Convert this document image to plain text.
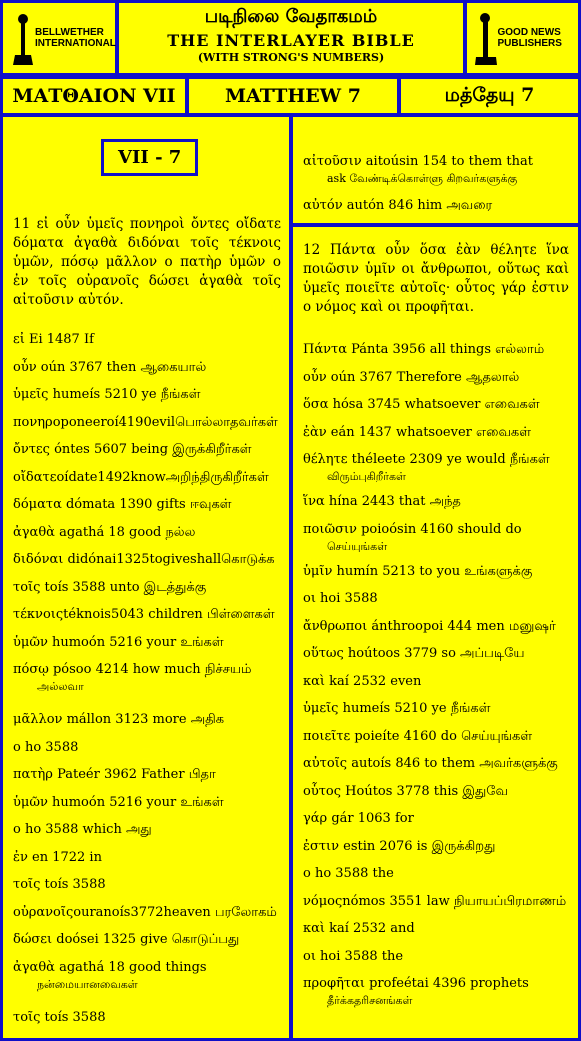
BELLWETHER INTERNATIONAL
படிநிலை வேதாகமம்
THE INTERLAYER BIBLE
(WITH STRONG'S NUMBERS)
GOOD NEWS PUBLISHERS
ΜΑΤΘΑΙΟΝ VII	MATTHEW 7	மத்தேயு 7
VII - 7
11 εἰ οὖν ὑμεῖς πονηροὶ ὄντες οἴδατε δόματα ἀγαθὰ διδόναι τοῖς τέκνοις ὑμῶν, πόσῳ μᾶλλον ο πατὴρ ὑμῶν ο ἐν τοῖς οὐρανοῖς δώσει ἀγαθὰ τοῖς αἰτοῦσιν αὐτόν.
εἰ Ei 1487 If
οὖν oún 3767 then ஆகையால்
ὑμεῖς humeís 5210 ye நீங்கள்
πονηροponeeroí4190evilபொல்லாதவர்கள்
ὄντες óntes 5607 being இருக்கிறீர்கள்
οἴδατεoídate1492knowஅறிந்திருகிறீர்கள்
δόματα dómata 1390 gifts ஈவுகள்
ἀγαθὰ agathá 18 good நல்ல
διδόναι didónai1325togiveshallகொடுக்க
τοῖς toís 3588 unto இடத்துக்கு
τέκνοιςtéknois5043 children பிள்ளைகள்
ὑμῶν humoón 5216 your உங்கள்
πόσῳ pósoo 4214 how much நிச்சயம்
அல்லவா
μᾶλλον mállon 3123 more அதிக
ο ho 3588
πατὴρ Pateér 3962 Father பிதா
ὑμῶν humoón 5216 your உங்கள்
ο ho 3588 which அது
ἐν en 1722 in
τοῖς toís 3588
οὐρανοῖςouranoís3772heaven பரலோகம்
δώσει doósei 1325 give கொடுப்பது
ἀγαθὰ agathá 18 good things
நன்மையானவைகள்
τοῖς toís 3588
αἰτοῦσιν aitoúsin 154 to them that
ask வேண்டிக்கொள்ளு கிறவர்களுக்கு
αὐτόν autón 846 him அவரை
12 Πάντα οὖν ὅσα ἐὰν θέλητε ἵνα ποιῶσιν ὑμῖν οι ἄνθρωποι, οὕτως καὶ ὑμεῖς ποιεῖτε αὐτοῖς· οὗτος γάρ ἐστιν ο νόμος καὶ οι προφῆται.
Πάντα Pánta 3956 all things எல்லாம்
οὖν oún 3767 Therefore ஆதலால்
ὅσα hósa 3745 whatsoever எவைகள்
ἐὰν eán 1437 whatsoever எவைகள்
θέλητε théleete 2309 ye would நீங்கள்
விரும்புகிறீர்கள்
ἵνα hína 2443 that அந்த
ποιῶσιν poioósin 4160 should do
செய்யுங்கள்
ὑμῖν humín 5213 to you உங்களுக்கு
οι hoi 3588
ἄνθρωποι ánthroopoi 444 men மனுஷர்
οὕτως hoútoos 3779 so அப்படியே
καὶ kaí 2532 even
ὑμεῖς humeís 5210 ye நீங்கள்
ποιεῖτε poieíte 4160 do செய்யுங்கள்
αὐτοῖς autoís 846 to them அவர்களுக்கு
οὗτος Hoútos 3778 this இதுவே
γάρ gár 1063 for
ἐστιν estin 2076 is இருக்கிறது
ο ho 3588 the
νόμοςnómos 3551 law நியாயப்பிரமாணம்
καὶ kaí 2532 and
οι hoi 3588 the
προφῆται profeétai 4396 prophets
தீர்க்கதரிசனங்கள்
